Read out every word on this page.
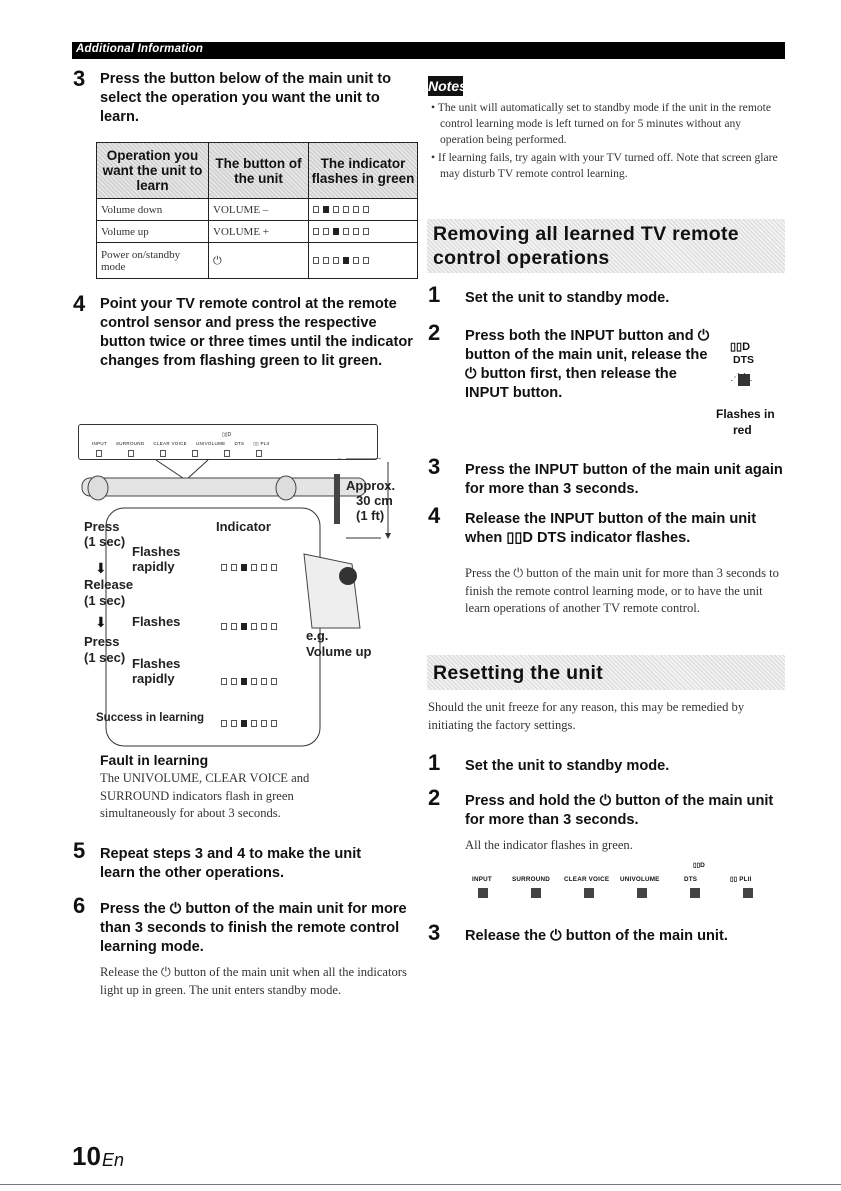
Additional Information
3 Press the button below of the main unit to select the operation you want the unit to learn.
Operation you want the unit to learn	The button of the unit	The indicator flashes in green
Volume down	VOLUME –	

Volume up	VOLUME +	

Power on/standby mode	⏻	
4 Point your TV remote control at the remote control sensor and press the respective button twice or three times until the indicator changes from flashing green to lit green.
INPUT SURROUND CLEAR VOICE UNIVOLUME DTS ▯▯ PLII
▯▯D
Approx.
30 cm
(1 ft)
Press	Indicator
(1 sec)
Flashes rapidly
⬇
Release
(1 sec)
⬇ Flashes
Press
(1 sec) Flashes rapidly
e.g.
Volume up
Success in learning
Fault in learning
The UNIVOLUME, CLEAR VOICE and SURROUND indicators flash in green simultaneously for about 3 seconds.
5 Repeat steps 3 and 4 to make the unit learn the other operations.
6 Press the ⏻ button of the main unit for more than 3 seconds to finish the remote control learning mode.
Release the ⏻ button of the main unit when all the indicators light up in green. The unit enters standby mode.
Notes
• The unit will automatically set to standby mode if the unit in the remote control learning mode is left turned on for 5 minutes without any operation being performed.
• If learning fails, try again with your TV turned off. Note that screen glare may disturb TV remote control learning.
Removing all learned TV remote
control operations
1 Set the unit to standby mode.
2 Press both the INPUT button and ⏻ button of the main unit, release the ⏻ button first, then release the INPUT button.
▯▯D
DTS
⋰ ⋱
Flashes in
red
3 Press the INPUT button of the main unit again for more than 3 seconds.
4 Release the INPUT button of the main unit when ▯▯D DTS indicator flashes.
Press the ⏻ button of the main unit for more than 3 seconds to finish the remote control learning mode, or to have the unit learn operations of another TV remote control.
Resetting the unit
Should the unit freeze for any reason, this may be remedied by initiating the factory settings.
1 Set the unit to standby mode.
2 Press and hold the ⏻ button of the main unit for more than 3 seconds.
All the indicator flashes in green.
▯▯D
INPUT	SURROUND	CLEAR VOICE	UNIVOLUME	DTS	▯▯ PLII
3 Release the ⏻ button of the main unit.
10 En
